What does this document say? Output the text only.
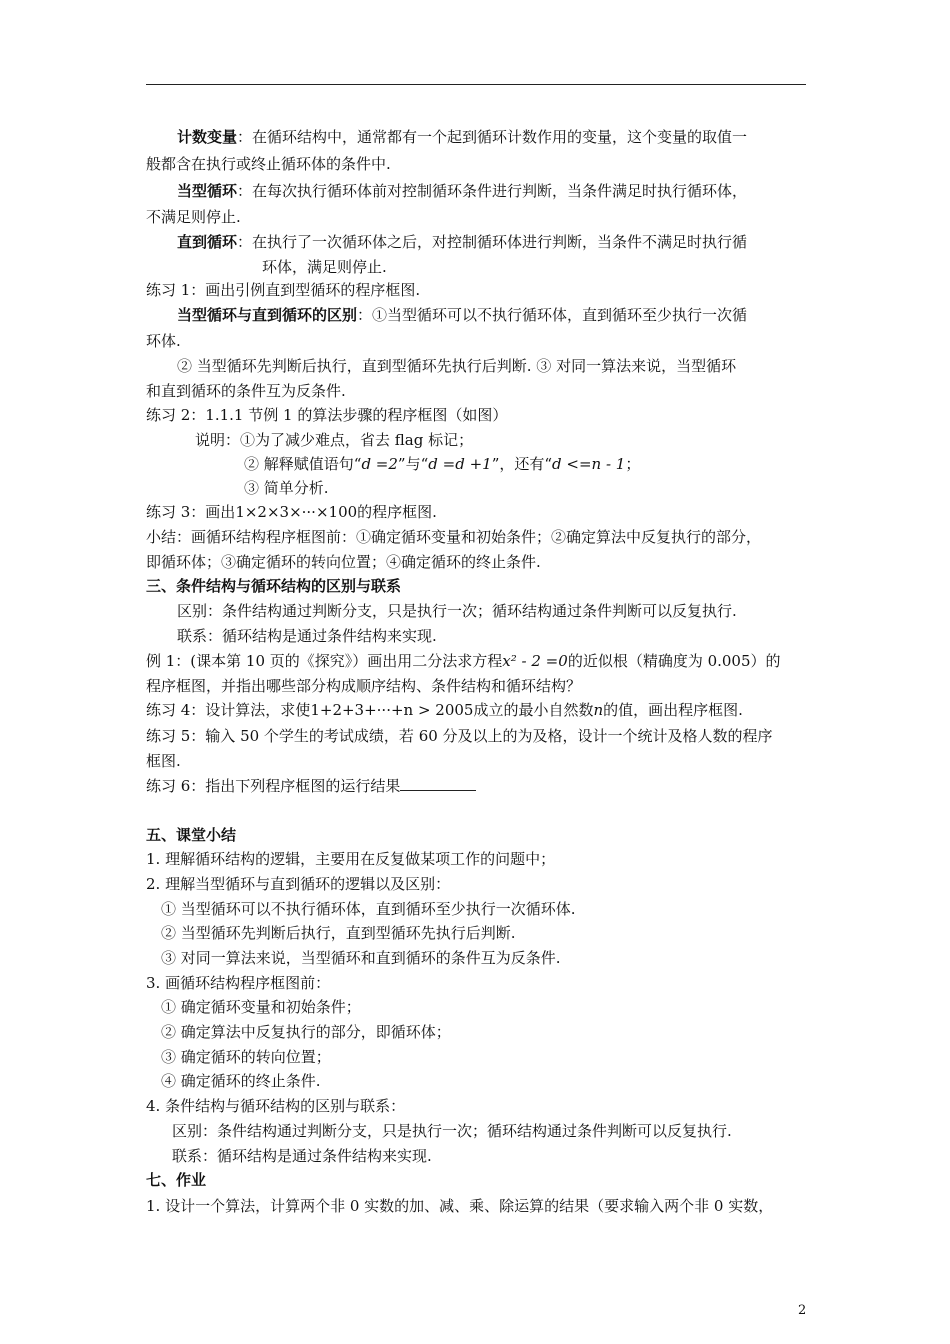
计数变量：在循环结构中，通常都有一个起到循环计数作用的变量，这个变量的取值一
般都含在执行或终止循环体的条件中.
当型循环：在每次执行循环体前对控制循环条件进行判断，当条件满足时执行循环体，
不满足则停止.
直到循环：在执行了一次循环体之后，对控制循环体进行判断，当条件不满足时执行循
环体，满足则停止.
练习 1：画出引例直到型循环的程序框图.
当型循环与直到循环的区别：①当型循环可以不执行循环体，直到循环至少执行一次循
环体.
② 当型循环先判断后执行，直到型循环先执行后判断. ③ 对同一算法来说，当型循环
和直到循环的条件互为反条件.
练习 2：1.1.1 节例 1 的算法步骤的程序框图（如图）
说明：①为了减少难点，省去 flag 标记；
② 解释赋值语句“d =2”与“d =d +1”，还有“d <=n - 1；
③ 简单分析.
练习 3：画出1×2×3×···×100的程序框图.
小结：画循环结构程序框图前：①确定循环变量和初始条件；②确定算法中反复执行的部分，
即循环体；③确定循环的转向位置；④确定循环的终止条件.
三、条件结构与循环结构的区别与联系
区别：条件结构通过判断分支，只是执行一次；循环结构通过条件判断可以反复执行.
联系：循环结构是通过条件结构来实现.
例 1：(课本第 10 页的《探究》）画出用二分法求方程x² - 2 =0的近似根（精确度为 0.005）的
程序框图，并指出哪些部分构成顺序结构、条件结构和循环结构？
练习 4：设计算法，求使1+2+3+···+n > 2005成立的最小自然数n的值，画出程序框图.
练习 5：输入 50 个学生的考试成绩，若 60 分及以上的为及格，设计一个统计及格人数的程序
框图.
练习 6：指出下列程序框图的运行结果
五、课堂小结
1. 理解循环结构的逻辑，主要用在反复做某项工作的问题中；
2. 理解当型循环与直到循环的逻辑以及区别：
① 当型循环可以不执行循环体，直到循环至少执行一次循环体.
② 当型循环先判断后执行，直到型循环先执行后判断.
③ 对同一算法来说，当型循环和直到循环的条件互为反条件.
3. 画循环结构程序框图前：
① 确定循环变量和初始条件；
② 确定算法中反复执行的部分，即循环体；
③ 确定循环的转向位置；
④ 确定循环的终止条件.
4. 条件结构与循环结构的区别与联系：
区别：条件结构通过判断分支，只是执行一次；循环结构通过条件判断可以反复执行.
联系：循环结构是通过条件结构来实现.
七、作业
1. 设计一个算法，计算两个非 0 实数的加、减、乘、除运算的结果（要求输入两个非 0 实数，
2
